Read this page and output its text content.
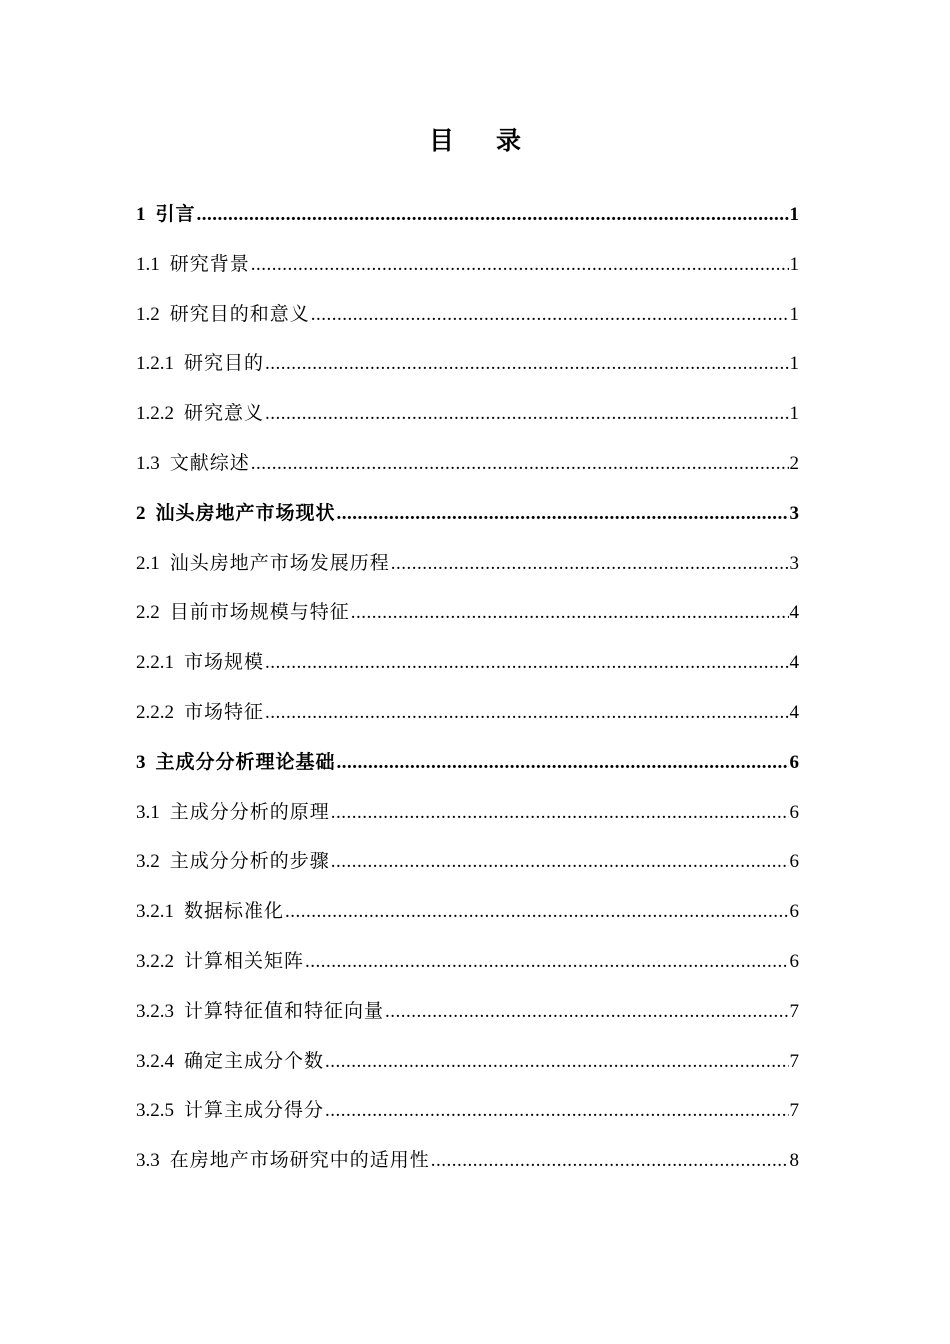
目录
1 引言 .....	1
1.1 研究背景 .....	1
1.2 研究目的和意义 .....	1
1.2.1 研究目的 .....	1
1.2.2 研究意义 .....	1
1.3 文献综述 .....	2
2 汕头房地产市场现状 .....	3
2.1 汕头房地产市场发展历程 .....	3
2.2 目前市场规模与特征 .....	4
2.2.1 市场规模 .....	4
2.2.2 市场特征 .....	4
3 主成分分析理论基础 .....	6
3.1 主成分分析的原理 .....	6
3.2 主成分分析的步骤 .....	6
3.2.1 数据标准化 .....	6
3.2.2 计算相关矩阵 .....	6
3.2.3 计算特征值和特征向量 .....	7
3.2.4 确定主成分个数 .....	7
3.2.5 计算主成分得分 .....	7
3.3 在房地产市场研究中的适用性 .....	8
